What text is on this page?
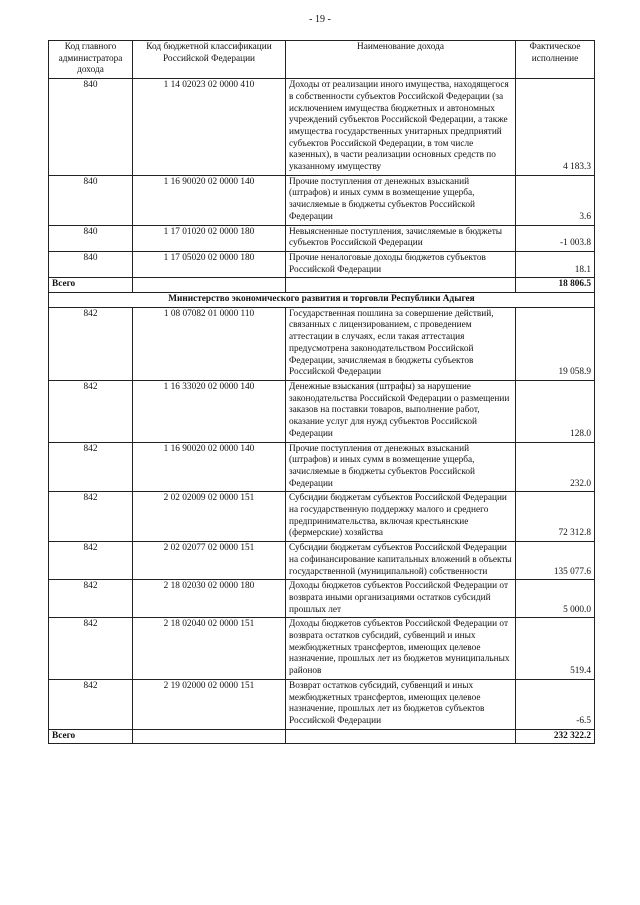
- 19 -
Код главного администратора дохода	Код бюджетной классификации Российской Федерации	Наименование дохода	Фактическое исполнение
840	1 14 02023 02 0000 410	Доходы от реализации иного имущества, находящегося в собственности субъектов Российской Федерации (за исключением имущества бюджетных и автономных учреждений субъектов Российской Федерации, а также имущества государственных унитарных предприятий субъектов Российской Федерации, в том числе казенных), в части реализации основных средств по указанному имуществу	4 183.3
840	1 16 90020 02 0000 140	Прочие поступления от денежных взысканий (штрафов) и иных сумм в возмещение ущерба, зачисляемые в бюджеты субъектов Российской Федерации	3.6
840	1 17 01020 02 0000 180	Невыясненные поступления, зачисляемые в бюджеты субъектов Российской Федерации	-1 003.8
840	1 17 05020 02 0000 180	Прочие неналоговые доходы бюджетов субъектов Российской Федерации	18.1
Всего			18 806.5
Министерство экономического развития и торговли Республики Адыгея			
842	1 08 07082 01 0000 110	Государственная пошлина за совершение действий, связанных с лицензированием, с проведением аттестации в случаях, если такая аттестация предусмотрена законодательством Российской Федерации, зачисляемая в бюджеты субъектов Российской Федерации	19 058.9
842	1 16 33020 02 0000 140	Денежные взыскания (штрафы) за нарушение законодательства Российской Федерации о размещении заказов на поставки товаров, выполнение работ, оказание услуг для нужд субъектов Российской Федерации	128.0
842	1 16 90020 02 0000 140	Прочие поступления от денежных взысканий (штрафов) и иных сумм в возмещение ущерба, зачисляемые в бюджеты субъектов Российской Федерации	232.0
842	2 02 02009 02 0000 151	Субсидии бюджетам субъектов Российской Федерации на государственную поддержку малого и среднего предпринимательства, включая крестьянские (фермерские) хозяйства	72 312.8
842	2 02 02077 02 0000 151	Субсидии бюджетам субъектов Российской Федерации на софинансирование капитальных вложений в объекты государственной (муниципальной) собственности	135 077.6
842	2 18 02030 02 0000 180	Доходы бюджетов субъектов Российской Федерации от возврата иными организациями остатков субсидий прошлых лет	5 000.0
842	2 18 02040 02 0000 151	Доходы бюджетов субъектов Российской Федерации от возврата остатков субсидий, субвенций и иных межбюджетных трансфертов, имеющих целевое назначение, прошлых лет из бюджетов муниципальных районов	519.4
842	2 19 02000 02 0000 151	Возврат остатков субсидий, субвенций и иных межбюджетных трансфертов, имеющих целевое назначение, прошлых лет из бюджетов субъектов Российской Федерации	-6.5
Всего			232 322.2
